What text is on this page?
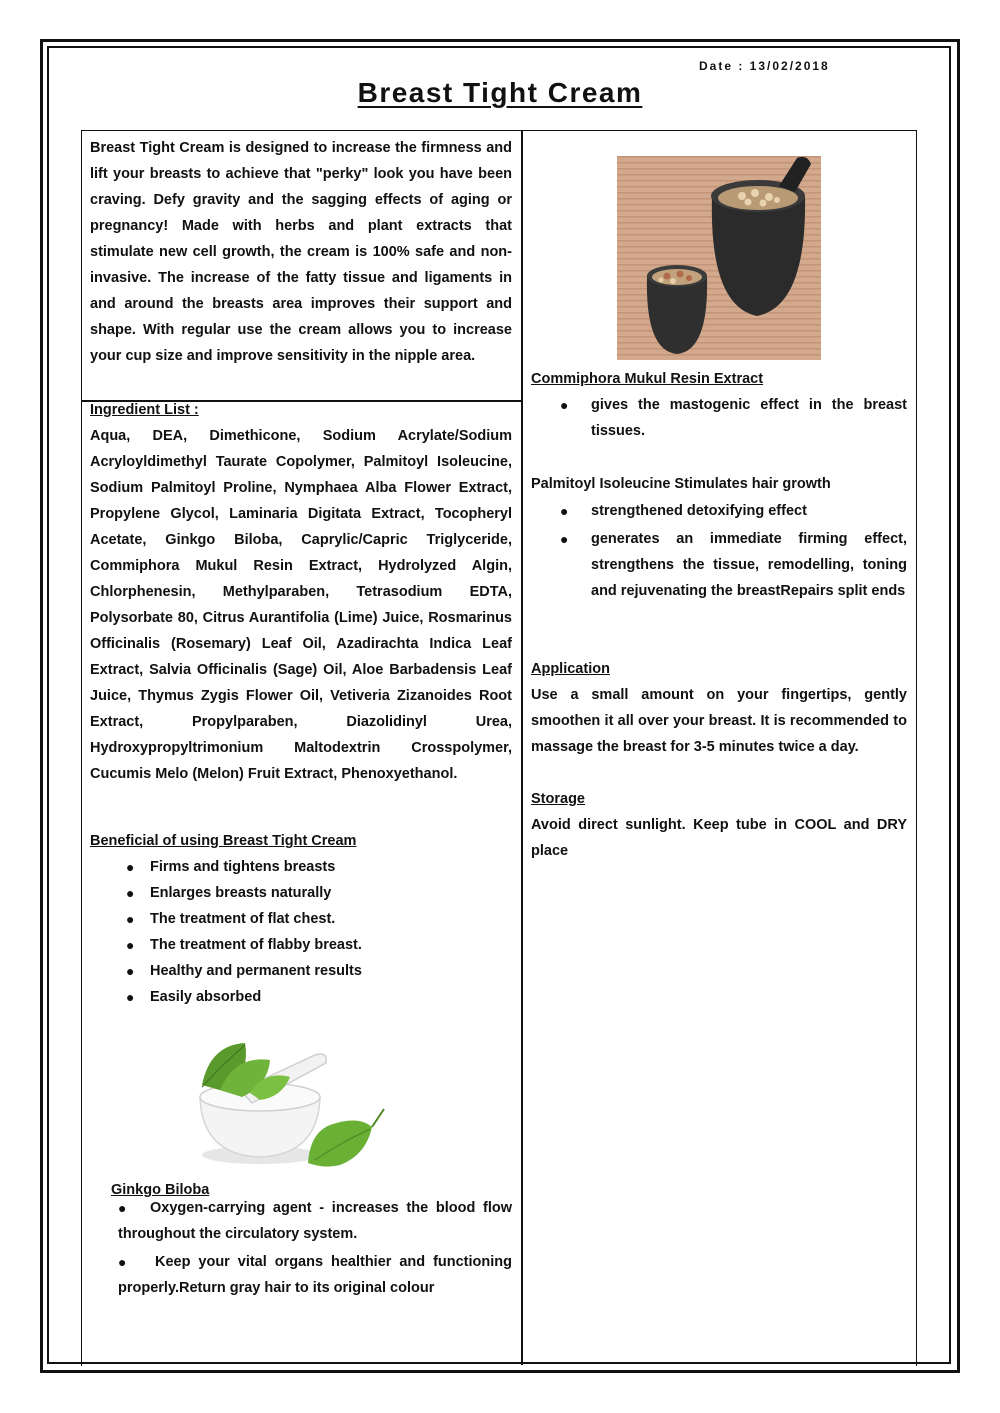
Date : 13/02/2018
Breast Tight Cream
Breast Tight Cream is designed to increase the firmness and lift your breasts to achieve that "perky" look you have been craving. Defy gravity and the sagging effects of aging or pregnancy! Made with herbs and plant extracts that stimulate new cell growth, the cream is 100% safe and non-invasive. The increase of the fatty tissue and ligaments in and around the breasts area improves their support and shape. With regular use the cream allows you to increase your cup size and improve sensitivity in the nipple area.
Ingredient List :
Aqua, DEA, Dimethicone, Sodium Acrylate/Sodium Acryloyldimethyl Taurate Copolymer, Palmitoyl Isoleucine, Sodium Palmitoyl Proline, Nymphaea Alba Flower Extract, Propylene Glycol, Laminaria Digitata Extract, Tocopheryl Acetate, Ginkgo Biloba, Caprylic/Capric Triglyceride, Commiphora Mukul Resin Extract, Hydrolyzed Algin, Chlorphenesin, Methylparaben, Tetrasodium EDTA, Polysorbate 80, Citrus Aurantifolia (Lime) Juice, Rosmarinus Officinalis (Rosemary) Leaf Oil, Azadirachta Indica Leaf Extract, Salvia Officinalis (Sage) Oil, Aloe Barbadensis Leaf Juice, Thymus Zygis Flower Oil, Vetiveria Zizanoides Root Extract, Propylparaben, Diazolidinyl Urea, Hydroxypropyltrimonium Maltodextrin Crosspolymer, Cucumis Melo (Melon) Fruit Extract, Phenoxyethanol.
Beneficial of using Breast Tight Cream
● Firms and tightens breasts
● Enlarges breasts naturally
● The treatment of flat chest.
● The treatment of flabby breast.
● Healthy and permanent results
● Easily absorbed
Ginkgo Biloba
● Oxygen-carrying agent - increases the blood flow throughout the circulatory system.
● Keep your vital organs healthier and functioning properly.Return gray hair to its original colour
Commiphora Mukul Resin Extract
● gives the mastogenic effect in the breast tissues.
Palmitoyl Isoleucine Stimulates hair growth
● strengthened detoxifying effect
● generates an immediate firming effect, strengthens the tissue, remodelling, toning and rejuvenating the breastRepairs split ends
Application
Use a small amount on your fingertips, gently smoothen it all over your breast. It is recommended to massage the breast for 3-5 minutes twice a day.
Storage
Avoid direct sunlight. Keep tube in COOL and DRY place
